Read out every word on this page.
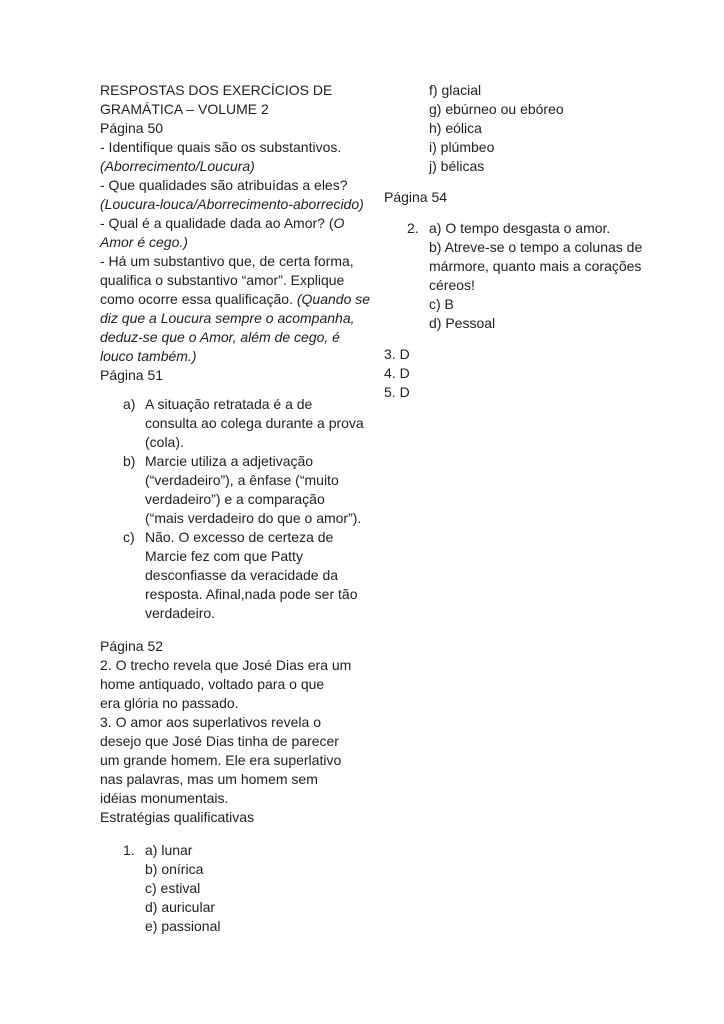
RESPOSTAS DOS EXERCÍCIOS DE
GRAMÁTICA – VOLUME 2
Página 50
- Identifique quais são os substantivos.
(Aborrecimento/Loucura)
- Que qualidades são atribuídas a eles?
(Loucura-louca/Aborrecimento-aborrecido)
- Qual é a qualidade dada ao Amor? (O
Amor é cego.)
- Há um substantivo que, de certa forma,
qualifica o substantivo “amor”. Explique
como ocorre essa qualificação. (Quando se
diz que a Loucura sempre o acompanha,
deduz-se que o Amor, além de cego, é
louco também.)
Página 51
a) A situação retratada é a de
consulta ao colega durante a prova
(cola).
b) Marcie utiliza a adjetivação
(“verdadeiro”), a ênfase (“muito
verdadeiro”) e a comparação
(“mais verdadeiro do que o amor”).
c) Não. O excesso de certeza de
Marcie fez com que Patty
desconfiasse da veracidade da
resposta. Afinal,nada pode ser tão
verdadeiro.
Página 52
2. O trecho revela que José Dias era um
home antiquado, voltado para o que
era glória no passado.
3. O amor aos superlativos revela o
desejo que José Dias tinha de parecer
um grande homem. Ele era superlativo
nas palavras, mas um homem sem
idéias monumentais.
Estratégias qualificativas
1. a) lunar
b) onírica
c) estival
d) auricular
e) passional
f) glacial
g) ebúrneo ou ebóreo
h) eólica
i) plúmbeo
j) bélicas
Página 54
2. a) O tempo desgasta o amor.
b) Atreve-se o tempo a colunas de
mármore, quanto mais a corações
céreos!
c) B
d) Pessoal
3. D
4. D
5. D
